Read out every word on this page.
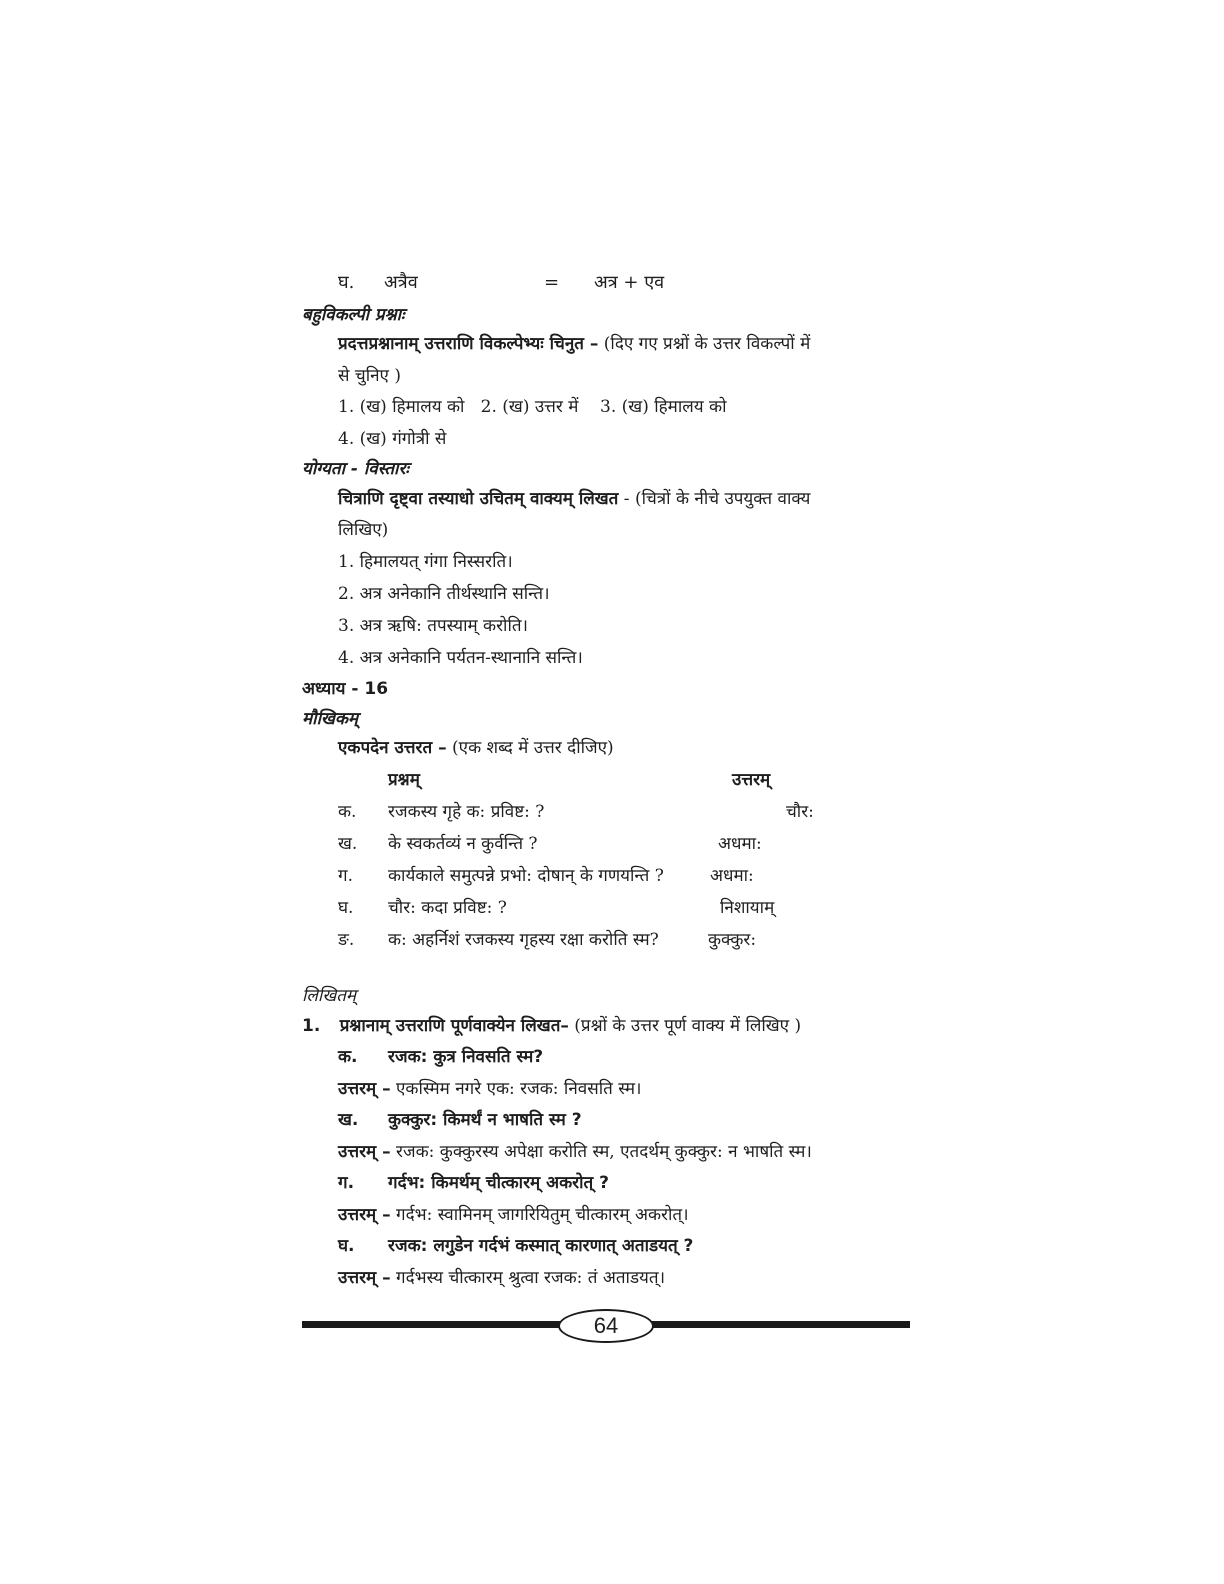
घ. अत्रैव	= अत्र + एव
बहुविकल्पी प्रश्नाः
प्रदत्तप्रश्नानाम् उत्तराणि विकल्पेभ्यः चिनुत – (दिए गए प्रश्नों के उत्तर विकल्पों में
से चुनिए )
1. (ख) हिमालय को   2. (ख) उत्तर में    3. (ख) हिमालय को
4. (ख) गंगोत्री से
योग्यता - विस्तारः
चित्राणि दृष्ट्वा तस्याधो उचितम् वाक्यम् लिखत - (चित्रों के नीचे उपयुक्त वाक्य
लिखिए)
1. हिमालयत् गंगा निस्सरति।
2. अत्र अनेकानि तीर्थस्थानि सन्ति।
3. अत्र ऋषि: तपस्याम् करोति।
4. अत्र अनेकानि पर्यतन-स्थानानि सन्ति।
अध्याय - 16
मौखिकम्
एकपदेन उत्तरत – (एक शब्द में उत्तर दीजिए)
प्रश्नम्	उत्तरम्
क. रजकस्य गृहे क: प्रविष्ट: ?	चौर:
ख. के स्वकर्तव्यं न कुर्वन्ति ?	अधमा:
ग. कार्यकाले समुत्पन्ने प्रभो: दोषान् के गणयन्ति ?	अधमा:
घ. चौर: कदा प्रविष्ट: ?	निशायाम्
ङ. क: अहर्निशं रजकस्य गृहस्य रक्षा करोति स्म?	कुक्कुर:
लिखितम्
1. प्रश्नानाम् उत्तराणि पूर्णवाक्येन लिखत– (प्रश्नों के उत्तर पूर्ण वाक्य में लिखिए )
क. रजक: कुत्र निवसति स्म?
उत्तरम् – एकस्मिम नगरे एक: रजक: निवसति स्म।
ख. कुक्कुर: किमर्थं न भाषति स्म ?
उत्तरम् – रजक: कुक्कुरस्य अपेक्षा करोति स्म, एतदर्थम् कुक्कुर: न भाषति स्म।
ग. गर्दभ: किमर्थम् चीत्कारम् अकरोत् ?
उत्तरम् – गर्दभ: स्वामिनम् जागरियितुम् चीत्कारम् अकरोत्।
घ. रजक: लगुडेन गर्दभं कस्मात् कारणात् अताडयत् ?
उत्तरम् – गर्दभस्य चीत्कारम् श्रुत्वा रजक: तं अताडयत्।
64
